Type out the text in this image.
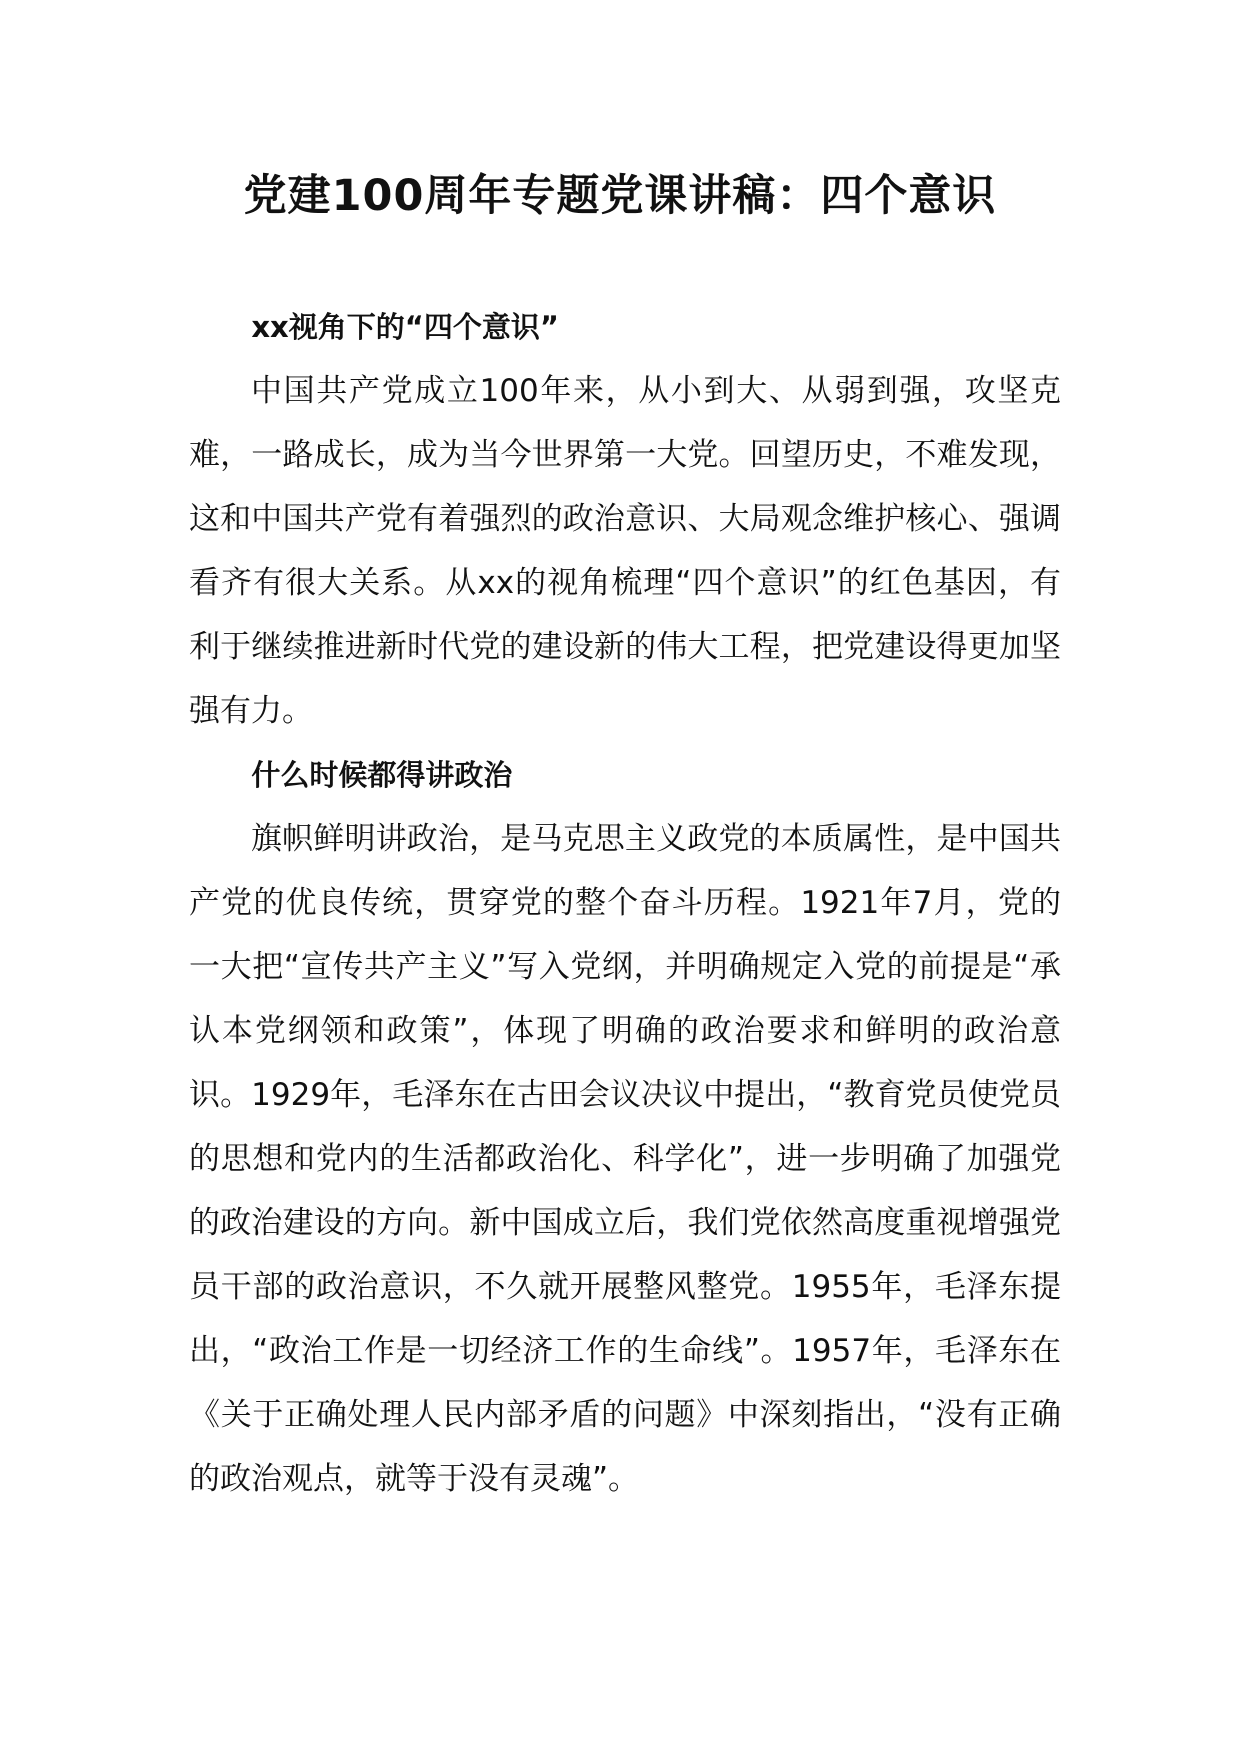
党建100周年专题党课讲稿：四个意识
xx视角下的“四个意识”

中国共产党成立100年来，从小到大、从弱到强，攻坚克难，一路成长，成为当今世界第一大党。回望历史，不难发现，这和中国共产党有着强烈的政治意识、大局观念维护核心、强调看齐有很大关系。从xx的视角梳理“四个意识”的红色基因，有利于继续推进新时代党的建设新的伟大工程，把党建设得更加坚强有力。

什么时候都得讲政治

旗帜鲜明讲政治，是马克思主义政党的本质属性，是中国共产党的优良传统，贯穿党的整个奋斗历程。1921年7月，党的一大把“宣传共产主义”写入党纲，并明确规定入党的前提是“承认本党纲领和政策”，体现了明确的政治要求和鲜明的政治意识。1929年，毛泽东在古田会议决议中提出，“教育党员使党员的思想和党内的生活都政治化、科学化”，进一步明确了加强党的政治建设的方向。新中国成立后，我们党依然高度重视增强党员干部的政治意识，不久就开展整风整党。1955年，毛泽东提出，“政治工作是一切经济工作的生命线”。1957年，毛泽东在《关于正确处理人民内部矛盾的问题》中深刻指出，“没有正确的政治观点，就等于没有灵魂”。
